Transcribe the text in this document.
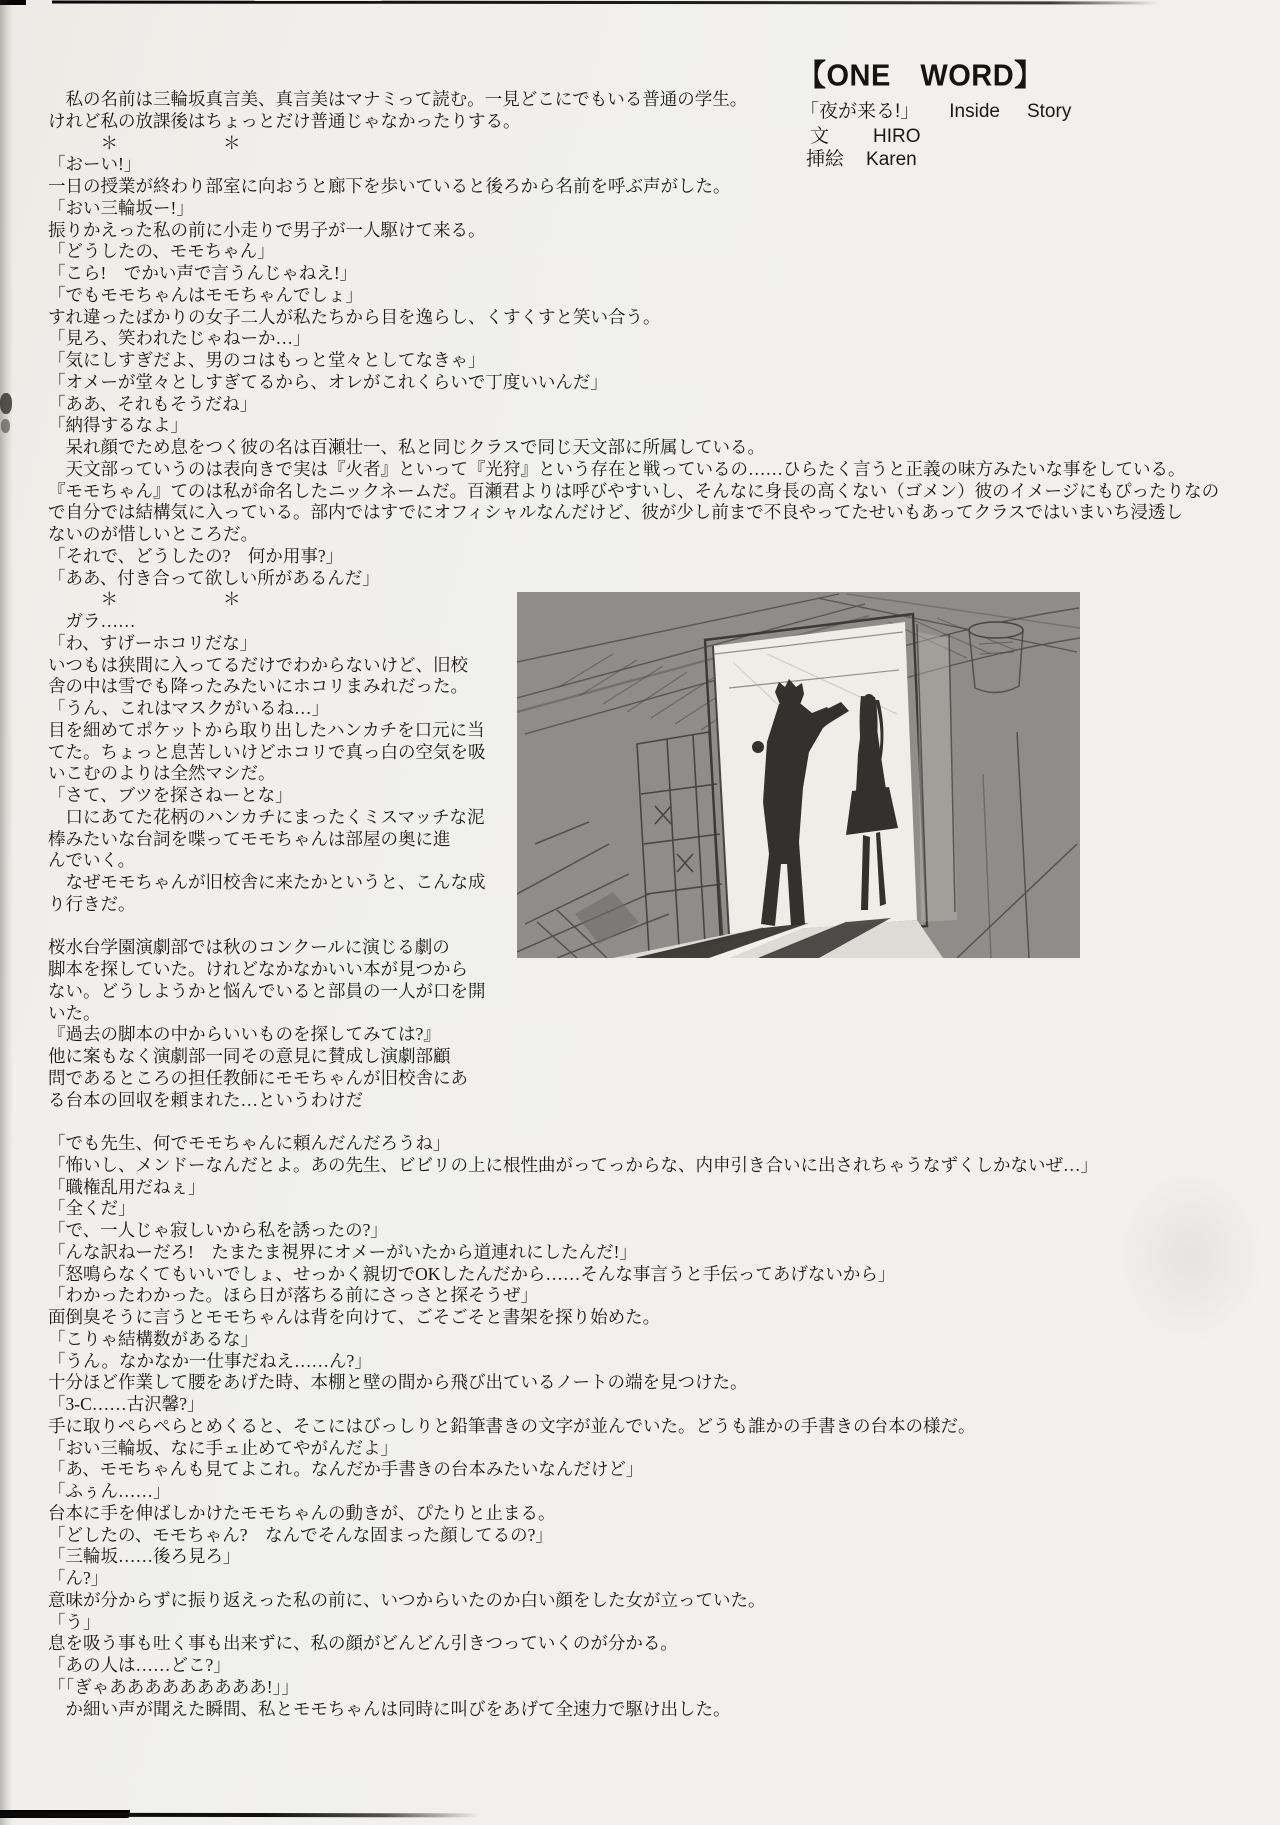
【ONE　WORD】
「夜が来る!」 Inside Story
文 HIRO
挿絵 Karen
　私の名前は三輪坂真言美、真言美はマナミって読む。一見どこにでもいる普通の学生。
けれど私の放課後はちょっとだけ普通じゃなかったりする。
　　　＊　　　　　　＊
「おーい!」
一日の授業が終わり部室に向おうと廊下を歩いていると後ろから名前を呼ぶ声がした。
「おい三輪坂ー!」
振りかえった私の前に小走りで男子が一人駆けて来る。
「どうしたの、モモちゃん」
「こら!　でかい声で言うんじゃねえ!」
「でもモモちゃんはモモちゃんでしょ」
すれ違ったばかりの女子二人が私たちから目を逸らし、くすくすと笑い合う。
「見ろ、笑われたじゃねーか…」
「気にしすぎだよ、男のコはもっと堂々としてなきゃ」
「オメーが堂々としすぎてるから、オレがこれくらいで丁度いいんだ」
「ああ、それもそうだね」
「納得するなよ」
　呆れ顔でため息をつく彼の名は百瀬壮一、私と同じクラスで同じ天文部に所属している。
　天文部っていうのは表向きで実は『火者』といって『光狩』という存在と戦っているの……ひらたく言うと正義の味方みたいな事をしている。
『モモちゃん』てのは私が命名したニックネームだ。百瀬君よりは呼びやすいし、そんなに身長の高くない（ゴメン）彼のイメージにもぴったりなの
で自分では結構気に入っている。部内ではすでにオフィシャルなんだけど、彼が少し前まで不良やってたせいもあってクラスではいまいち浸透し
ないのが惜しいところだ。
「それで、どうしたの?　何か用事?」
「ああ、付き合って欲しい所があるんだ」
　　　＊　　　　　　＊
　ガラ……
「わ、すげーホコリだな」
いつもは狭間に入ってるだけでわからないけど、旧校
舎の中は雪でも降ったみたいにホコリまみれだった。
「うん、これはマスクがいるね…」
目を細めてポケットから取り出したハンカチを口元に当
てた。ちょっと息苦しいけどホコリで真っ白の空気を吸
いこむのよりは全然マシだ。
「さて、ブツを探さねーとな」
　口にあてた花柄のハンカチにまったくミスマッチな泥
棒みたいな台詞を喋ってモモちゃんは部屋の奥に進
んでいく。
　なぜモモちゃんが旧校舎に来たかというと、こんな成
り行きだ。
桜水台学園演劇部では秋のコンクールに演じる劇の
脚本を探していた。けれどなかなかいい本が見つから
ない。どうしようかと悩んでいると部員の一人が口を開
いた。
『過去の脚本の中からいいものを探してみては?』
他に案もなく演劇部一同その意見に賛成し演劇部顧
問であるところの担任教師にモモちゃんが旧校舎にあ
る台本の回収を頼まれた…というわけだ
「でも先生、何でモモちゃんに頼んだんだろうね」
「怖いし、メンドーなんだとよ。あの先生、ビビリの上に根性曲がってっからな、内申引き合いに出されちゃうなずくしかないぜ…」
「職権乱用だねぇ」
「全くだ」
「で、一人じゃ寂しいから私を誘ったの?」
「んな訳ねーだろ!　たまたま視界にオメーがいたから道連れにしたんだ!」
「怒鳴らなくてもいいでしょ、せっかく親切でOKしたんだから……そんな事言うと手伝ってあげないから」
「わかったわかった。ほら日が落ちる前にさっさと探そうぜ」
面倒臭そうに言うとモモちゃんは背を向けて、ごそごそと書架を探り始めた。
「こりゃ結構数があるな」
「うん。なかなか一仕事だねえ……ん?」
十分ほど作業して腰をあげた時、本棚と壁の間から飛び出ているノートの端を見つけた。
「3-C……古沢馨?」
手に取りぺらぺらとめくると、そこにはびっしりと鉛筆書きの文字が並んでいた。どうも誰かの手書きの台本の様だ。
「おい三輪坂、なに手ェ止めてやがんだよ」
「あ、モモちゃんも見てよこれ。なんだか手書きの台本みたいなんだけど」
「ふぅん……」
台本に手を伸ばしかけたモモちゃんの動きが、ぴたりと止まる。
「どしたの、モモちゃん?　なんでそんな固まった顔してるの?」
「三輪坂……後ろ見ろ」
「ん?」
意味が分からずに振り返えった私の前に、いつからいたのか白い顔をした女が立っていた。
「う」
息を吸う事も吐く事も出来ずに、私の顔がどんどん引きつっていくのが分かる。
「あの人は……どこ?」
「「ぎゃあああああああああ!」」
　か細い声が聞えた瞬間、私とモモちゃんは同時に叫びをあげて全速力で駆け出した。
